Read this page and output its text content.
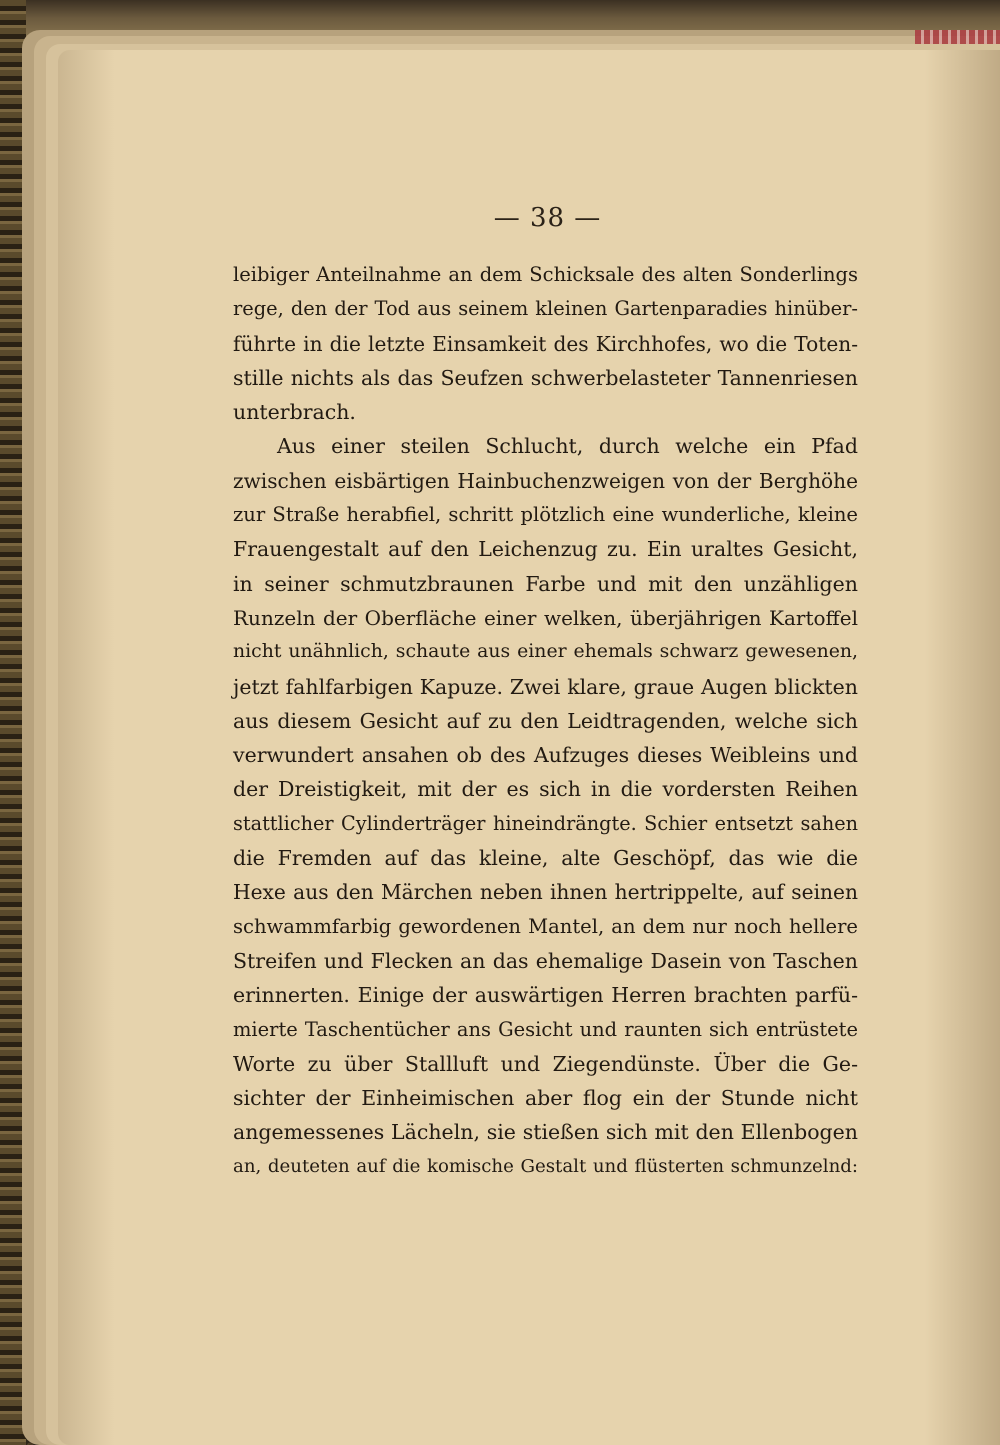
— 38 —
leibiger Anteilnahme an dem Schicksale des alten Sonderlings
rege, den der Tod aus seinem kleinen Gartenparadies hinüber-
führte in die letzte Einsamkeit des Kirchhofes, wo die Toten-
stille nichts als das Seufzen schwerbelasteter Tannenriesen
unterbrach.
Aus einer steilen Schlucht, durch welche ein Pfad
zwischen eisbärtigen Hainbuchenzweigen von der Berghöhe
zur Straße herabfiel, schritt plötzlich eine wunderliche, kleine
Frauengestalt auf den Leichenzug zu. Ein uraltes Gesicht,
in seiner schmutzbraunen Farbe und mit den unzähligen
Runzeln der Oberfläche einer welken, überjährigen Kartoffel
nicht unähnlich, schaute aus einer ehemals schwarz gewesenen,
jetzt fahlfarbigen Kapuze. Zwei klare, graue Augen blickten
aus diesem Gesicht auf zu den Leidtragenden, welche sich
verwundert ansahen ob des Aufzuges dieses Weibleins und
der Dreistigkeit, mit der es sich in die vordersten Reihen
stattlicher Cylinderträger hineindrängte. Schier entsetzt sahen
die Fremden auf das kleine, alte Geschöpf, das wie die
Hexe aus den Märchen neben ihnen hertrippelte, auf seinen
schwammfarbig gewordenen Mantel, an dem nur noch hellere
Streifen und Flecken an das ehemalige Dasein von Taschen
erinnerten. Einige der auswärtigen Herren brachten parfü-
mierte Taschentücher ans Gesicht und raunten sich entrüstete
Worte zu über Stallluft und Ziegendünste. Über die Ge-
sichter der Einheimischen aber flog ein der Stunde nicht
angemessenes Lächeln, sie stießen sich mit den Ellenbogen
an, deuteten auf die komische Gestalt und flüsterten schmunzelnd:
